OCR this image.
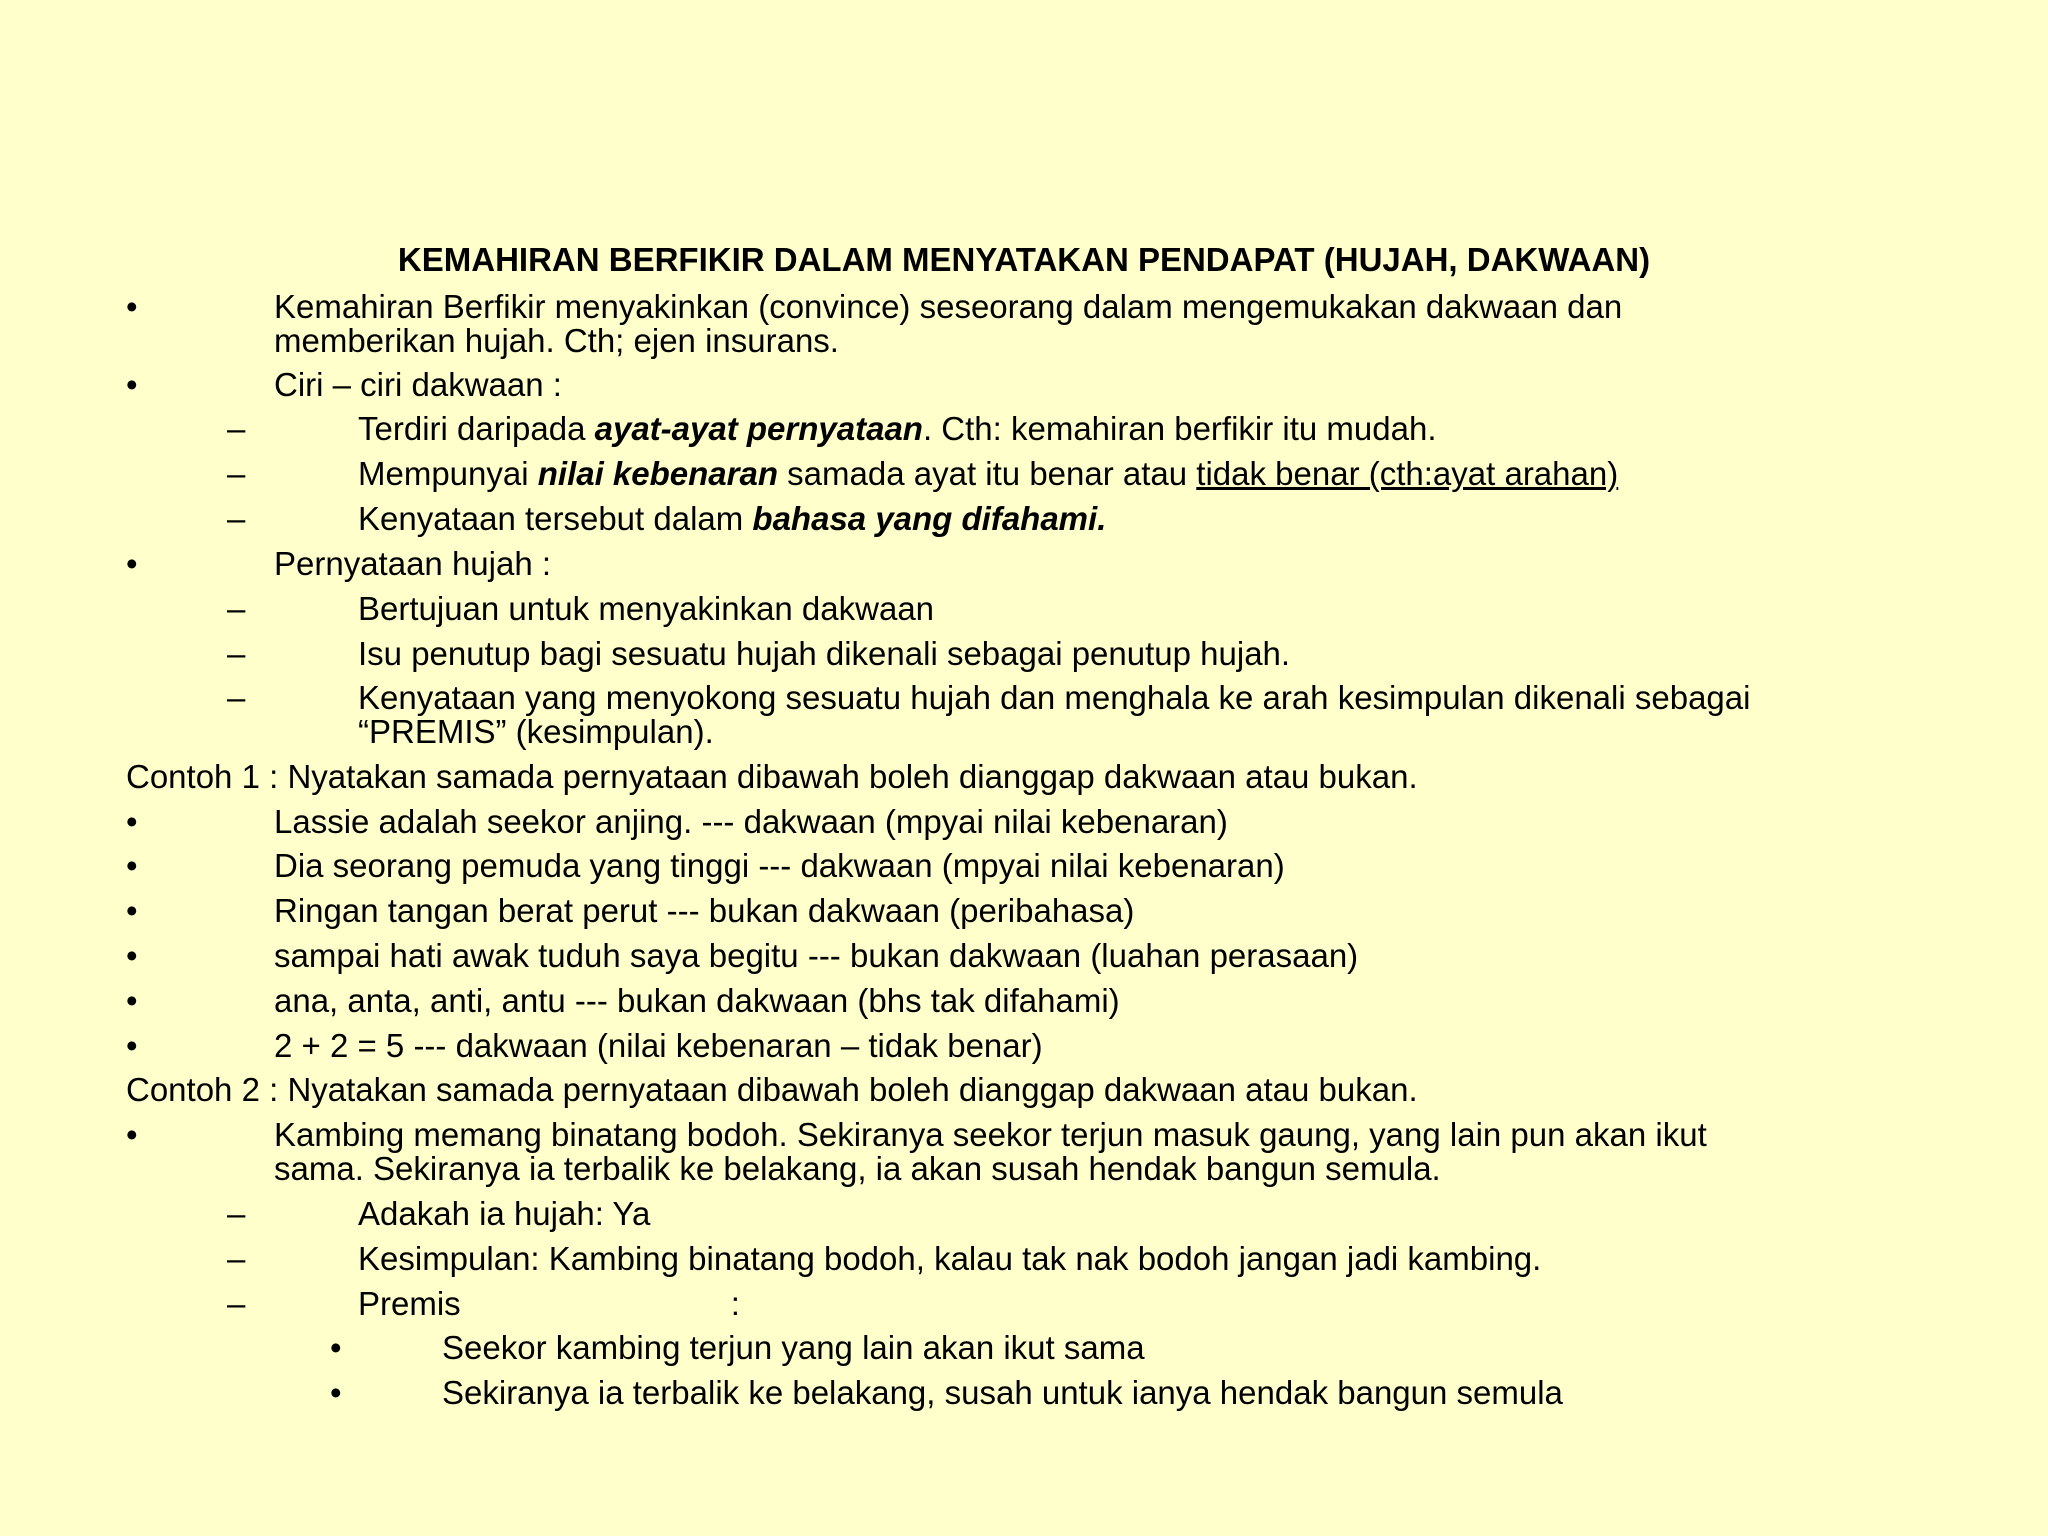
KEMAHIRAN BERFIKIR DALAM MENYATAKAN PENDAPAT (HUJAH, DAKWAAN)
•	Kemahiran Berfikir menyakinkan (convince) seseorang dalam mengemukakan dakwaan dan
memberikan hujah. Cth; ejen insurans.
•	Ciri – ciri dakwaan :
–	Terdiri daripada ayat-ayat pernyataan. Cth: kemahiran berfikir itu mudah.
–	Mempunyai nilai kebenaran samada ayat itu benar atau tidak benar (cth:ayat arahan)
–	Kenyataan tersebut dalam bahasa yang difahami.
•	Pernyataan hujah :
–	Bertujuan untuk menyakinkan dakwaan
–	Isu penutup bagi sesuatu hujah dikenali sebagai penutup hujah.
–	Kenyataan yang menyokong sesuatu hujah dan menghala ke arah kesimpulan dikenali sebagai
“PREMIS” (kesimpulan).
Contoh 1 : Nyatakan samada pernyataan dibawah boleh dianggap dakwaan atau bukan.
•	Lassie adalah seekor anjing. --- dakwaan (mpyai nilai kebenaran)
•	Dia seorang pemuda yang tinggi --- dakwaan (mpyai nilai kebenaran)
•	Ringan tangan berat perut --- bukan dakwaan (peribahasa)
•	sampai hati awak tuduh saya begitu --- bukan dakwaan (luahan perasaan)
•	ana, anta, anti, antu --- bukan dakwaan (bhs tak difahami)
•	2 + 2 = 5 --- dakwaan (nilai kebenaran – tidak benar)
Contoh 2 : Nyatakan samada pernyataan dibawah boleh dianggap dakwaan atau bukan.
•	Kambing memang binatang bodoh. Sekiranya seekor terjun masuk gaung, yang lain pun akan ikut
sama. Sekiranya ia terbalik ke belakang, ia akan susah hendak bangun semula.
–	Adakah ia hujah: Ya
–	Kesimpulan: Kambing binatang bodoh, kalau tak nak bodoh jangan jadi kambing.
–	Premis	:
•	Seekor kambing terjun yang lain akan ikut sama
•	Sekiranya ia terbalik ke belakang, susah untuk ianya hendak bangun semula
